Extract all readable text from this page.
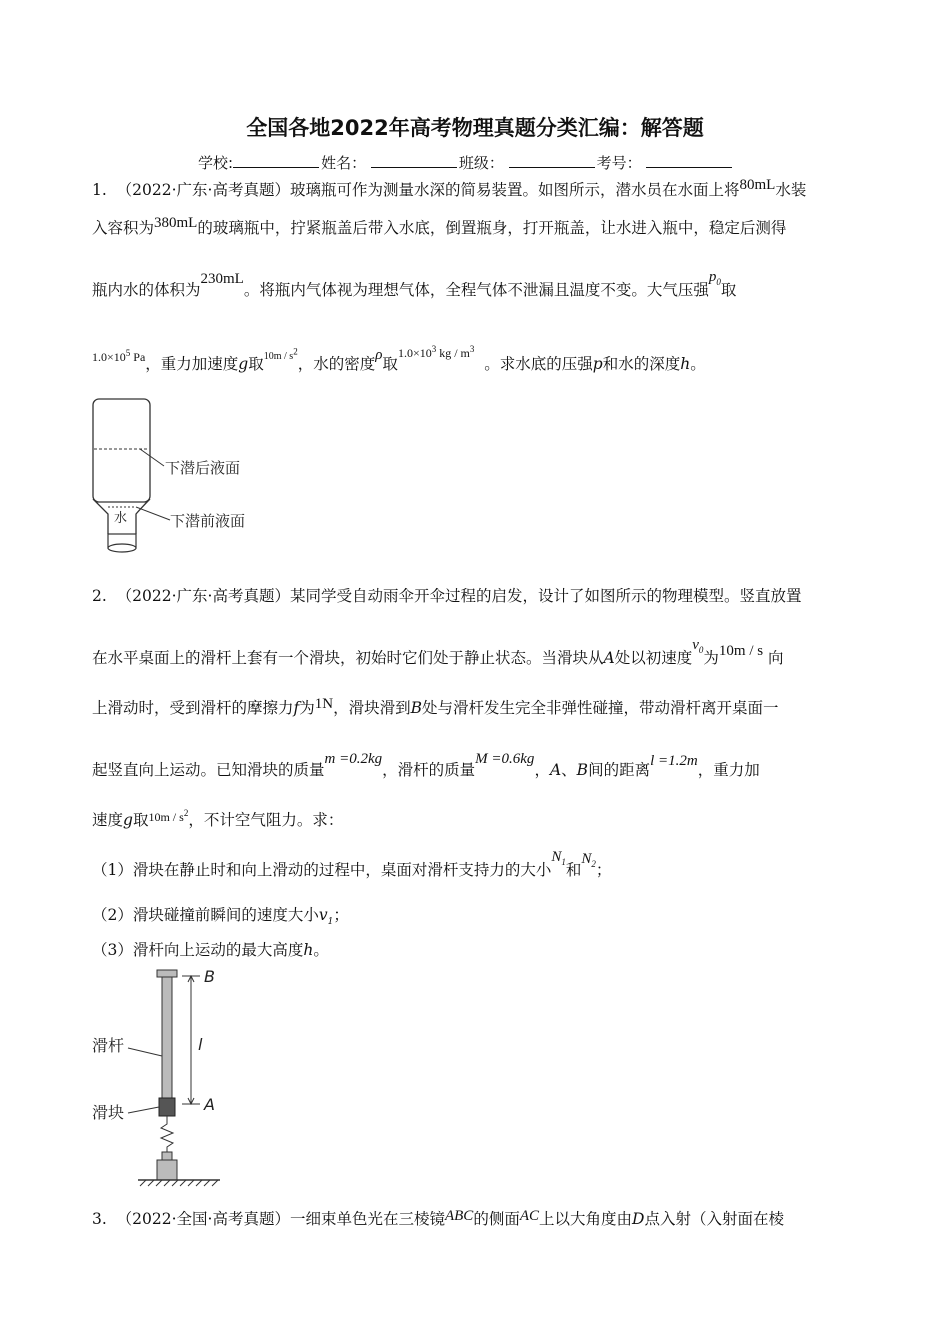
全国各地2022年高考物理真题分类汇编：解答题
学校:	姓名：	班级：	考号：
1. （2022·广东·高考真题）玻璃瓶可作为测量水深的简易装置。如图所示，潜水员在水面上将80mL水装
入容积为380mL的玻璃瓶中，拧紧瓶盖后带入水底，倒置瓶身，打开瓶盖，让水进入瓶中，稳定后测得
瓶内水的体积为230mL。将瓶内气体视为理想气体，全程气体不泄漏且温度不变。大气压强$p_0$取
$^{1.0\times 10^5 Pa}$，重力加速度g取$^{10m / s^2}$，水的密度ρ取$^{1.0\times 10^3 kg / m^3}$  。求水底的压强p和水的深度h。
水
下潜后液面
下潜前液面
2. （2022·广东·高考真题）某同学受自动雨伞开伞过程的启发，设计了如图所示的物理模型。竖直放置
在水平桌面上的滑杆上套有一个滑块，初始时它们处于静止状态。当滑块从A处以初速度$v_0$为10m / s 向
上滑动时，受到滑杆的摩擦力f为1N，滑块滑到B处与滑杆发生完全非弹性碰撞，带动滑杆离开桌面一
起竖直向上运动。已知滑块的质量m =0.2kg，滑杆的质量M =0.6kg，A、B间的距离l =1.2m，重力加
速度g取$^{10m / s^2}$，不计空气阻力。求：
（1）滑块在静止时和向上滑动的过程中，桌面对滑杆支持力的大小$N_1$和$N_2$；
（2）滑块碰撞前瞬间的速度大小$v_1$；
（3）滑杆向上运动的最大高度h。
B
A
l
滑杆
滑块
3. （2022·全国·高考真题）一细束单色光在三棱镜ABC的侧面AC上以大角度由D点入射（入射面在棱
